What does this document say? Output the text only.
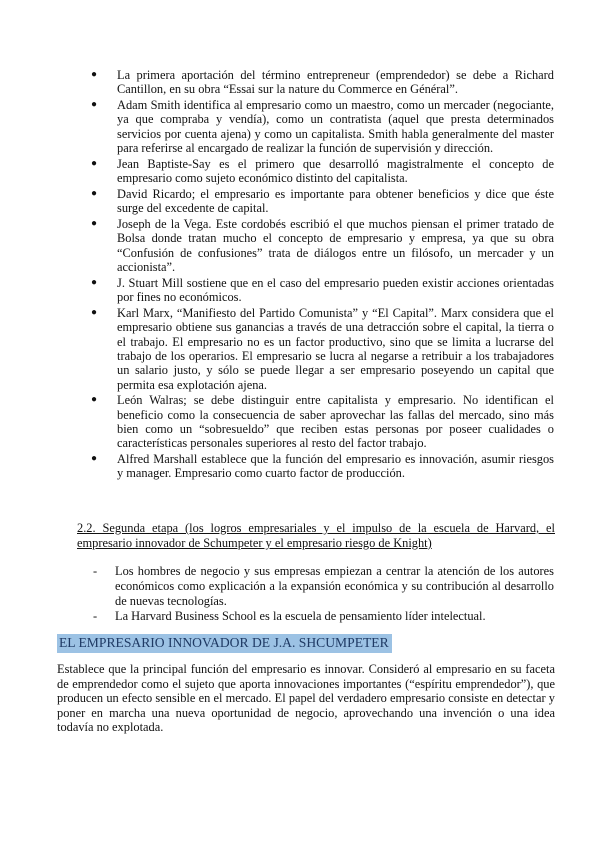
● La primera aportación del término entrepreneur (emprendedor) se debe a Richard Cantillon, en su obra “Essai sur la nature du Commerce en Général”.
● Adam Smith identifica al empresario como un maestro, como un mercader (negociante, ya que compraba y vendía), como un contratista (aquel que presta determinados servicios por cuenta ajena) y como un capitalista. Smith habla generalmente del master para referirse al encargado de realizar la función de supervisión y dirección.
● Jean Baptiste-Say es el primero que desarrolló magistralmente el concepto de empresario como sujeto económico distinto del capitalista.
● David Ricardo; el empresario es importante para obtener beneficios y dice que éste surge del excedente de capital.
● Joseph de la Vega. Este cordobés escribió el que muchos piensan el primer tratado de Bolsa donde tratan mucho el concepto de empresario y empresa, ya que su obra “Confusión de confusiones” trata de diálogos entre un filósofo, un mercader y un accionista”.
● J. Stuart Mill sostiene que en el caso del empresario pueden existir acciones orientadas por fines no económicos.
● Karl Marx, “Manifiesto del Partido Comunista” y “El Capital”. Marx considera que el empresario obtiene sus ganancias a través de una detracción sobre el capital, la tierra o el trabajo. El empresario no es un factor productivo, sino que se limita a lucrarse del trabajo de los operarios. El empresario se lucra al negarse a retribuir a los trabajadores un salario justo, y sólo se puede llegar a ser empresario poseyendo un capital que permita esa explotación ajena.
● León Walras; se debe distinguir entre capitalista y empresario. No identifican el beneficio como la consecuencia de saber aprovechar las fallas del mercado, sino más bien como un “sobresueldo” que reciben estas personas por poseer cualidades o características personales superiores al resto del factor trabajo.
● Alfred Marshall establece que la función del empresario es innovación, asumir riesgos y manager. Empresario como cuarto factor de producción.
2.2. Segunda etapa (los logros empresariales y el impulso de la escuela de Harvard, el empresario innovador de Schumpeter y el empresario riesgo de Knight)
- Los hombres de negocio y sus empresas empiezan a centrar la atención de los autores económicos como explicación a la expansión económica y su contribución al desarrollo de nuevas tecnologías.
- La Harvard Business School es la escuela de pensamiento líder intelectual.
EL EMPRESARIO INNOVADOR DE J.A. SHCUMPETER
Establece que la principal función del empresario es innovar. Consideró al empresario en su faceta de emprendedor como el sujeto que aporta innovaciones importantes (“espíritu emprendedor”), que producen un efecto sensible en el mercado. El papel del verdadero empresario consiste en detectar y poner en marcha una nueva oportunidad de negocio, aprovechando una invención o una idea todavía no explotada.
